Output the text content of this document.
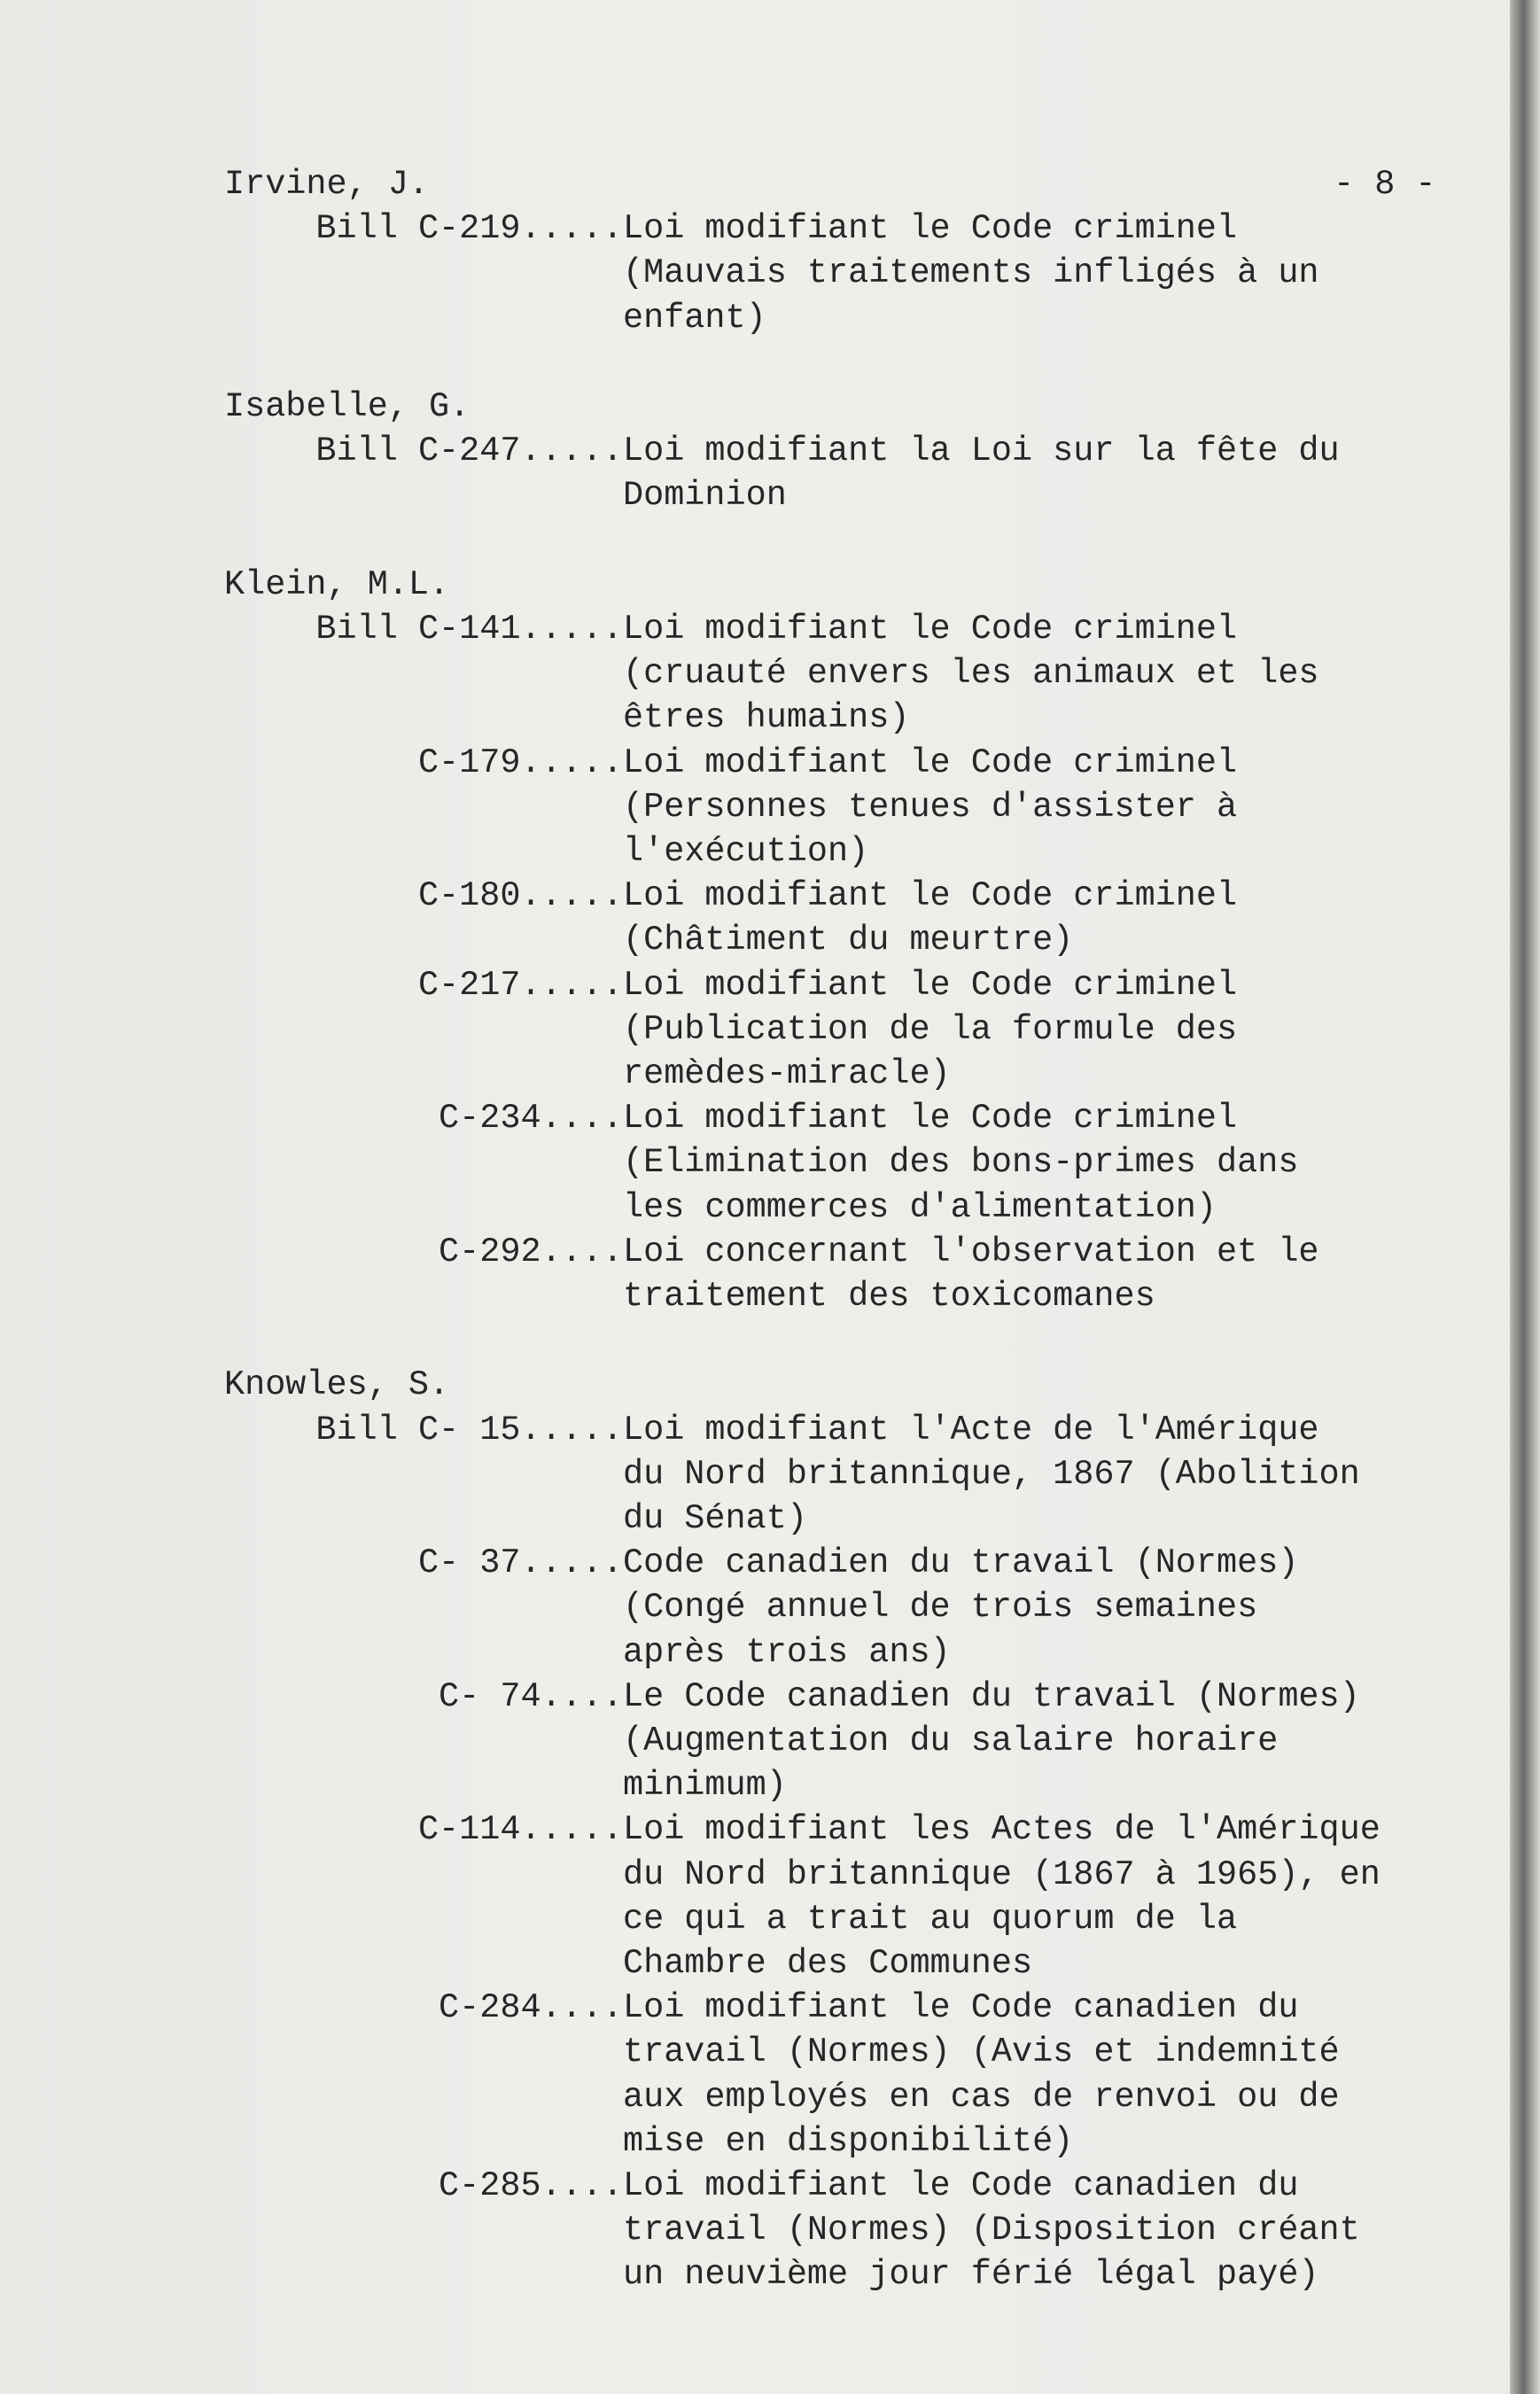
- 8 -
Irvine, J.
Bill C-219..... Loi modifiant le Code criminel
(Mauvais traitements infligés à un
enfant)
Isabelle, G.
Bill C-247..... Loi modifiant la Loi sur la fête du
Dominion
Klein, M.L.
Bill C-141..... Loi modifiant le Code criminel
(cruauté envers les animaux et les
êtres humains)
C-179..... Loi modifiant le Code criminel
(Personnes tenues d'assister à
l'exécution)
C-180..... Loi modifiant le Code criminel
(Châtiment du meurtre)
C-217..... Loi modifiant le Code criminel
(Publication de la formule des
remèdes-miracle)
C-234.... Loi modifiant le Code criminel
(Elimination des bons-primes dans
les commerces d'alimentation)
C-292.... Loi concernant l'observation et le
traitement des toxicomanes
Knowles, S.
Bill C- 15..... Loi modifiant l'Acte de l'Amérique
du Nord britannique, 1867 (Abolition
du Sénat)
C- 37..... Code canadien du travail (Normes)
(Congé annuel de trois semaines
après trois ans)
C- 74.... Le Code canadien du travail (Normes)
(Augmentation du salaire horaire
minimum)
C-114..... Loi modifiant les Actes de l'Amérique
du Nord britannique (1867 à 1965), en
ce qui a trait au quorum de la
Chambre des Communes
C-284.... Loi modifiant le Code canadien du
travail (Normes) (Avis et indemnité
aux employés en cas de renvoi ou de
mise en disponibilité)
C-285.... Loi modifiant le Code canadien du
travail (Normes) (Disposition créant
un neuvième jour férié légal payé)
